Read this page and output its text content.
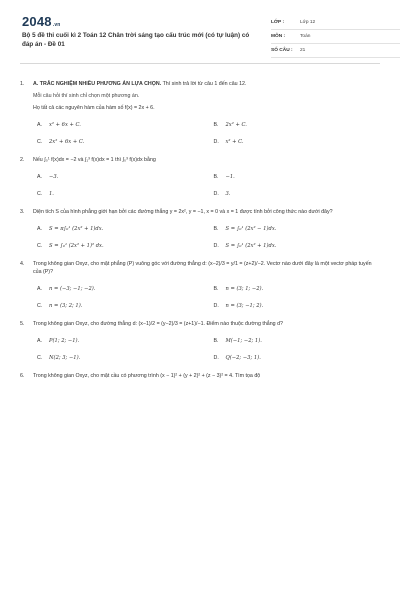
2048.vn
Bộ 5 đề thi cuối kì 2 Toán 12 Chân trời sáng tạo cấu trúc mới (có tự luận) có đáp án - Đề 01
LỚP :	Lớp 12
MÔN :	Toán
SỐ CÂU :	21
1. A. TRẮC NGHIỆM NHIỀU PHƯƠNG ÁN LỰA CHỌN. Thí sinh trả lời từ câu 1 đến câu 12.
Mỗi câu hỏi thí sinh chỉ chọn một phương án.
Họ tất cả các nguyên hàm của hàm số f(x) = 2x + 6.
A.	x² + 6x + C.	B.	2x² + C.
C.	2x² + 6x + C.	D.	x² + C.
2. Nếu ∫₀¹ f(x)dx = −2 và ∫₁³ f(x)dx = 1 thì ∫₀³ f(x)dx bằng
A.	−3.	B.	−1.
C.	1.	D.	3.
3. Diện tích S của hình phẳng giới hạn bởi các đường thẳng y = 2x², y = −1, x = 0 và x = 1 được tính bởi công thức nào dưới đây?
A.	S = π∫₀¹ (2x² + 1)dx.	B.	S = ∫₀¹ (2x² − 1)dx.
C.	S = ∫₀¹ (2x² + 1)² dx.	D.	S = ∫₀¹ (2x² + 1)dx.
4. Trong không gian Oxyz, cho mặt phẳng (P) vuông góc với đường thẳng d: (x−2)/3 = y/1 = (z+2)/−2. Vectơ nào dưới đây là một vectơ pháp tuyến của (P)?
A.	n = (−3; −1; −2).	B.	n = (3; 1; −2).
C.	n = (3; 2; 1).	D.	n = (3; −1; 2).
5. Trong không gian Oxyz, cho đường thẳng d: (x−1)/2 = (y−2)/3 = (z+1)/−1. Điểm nào thuộc đường thẳng d?
A.	P(1; 2; −1).	B.	M(−1; −2; 1).
C.	N(2; 3; −1).	D.	Q(−2; −3; 1).
6. Trong không gian Oxyz, cho mặt cầu có phương trình (x − 1)² + (y + 2)² + (z − 3)² = 4. Tìm tọa độ
